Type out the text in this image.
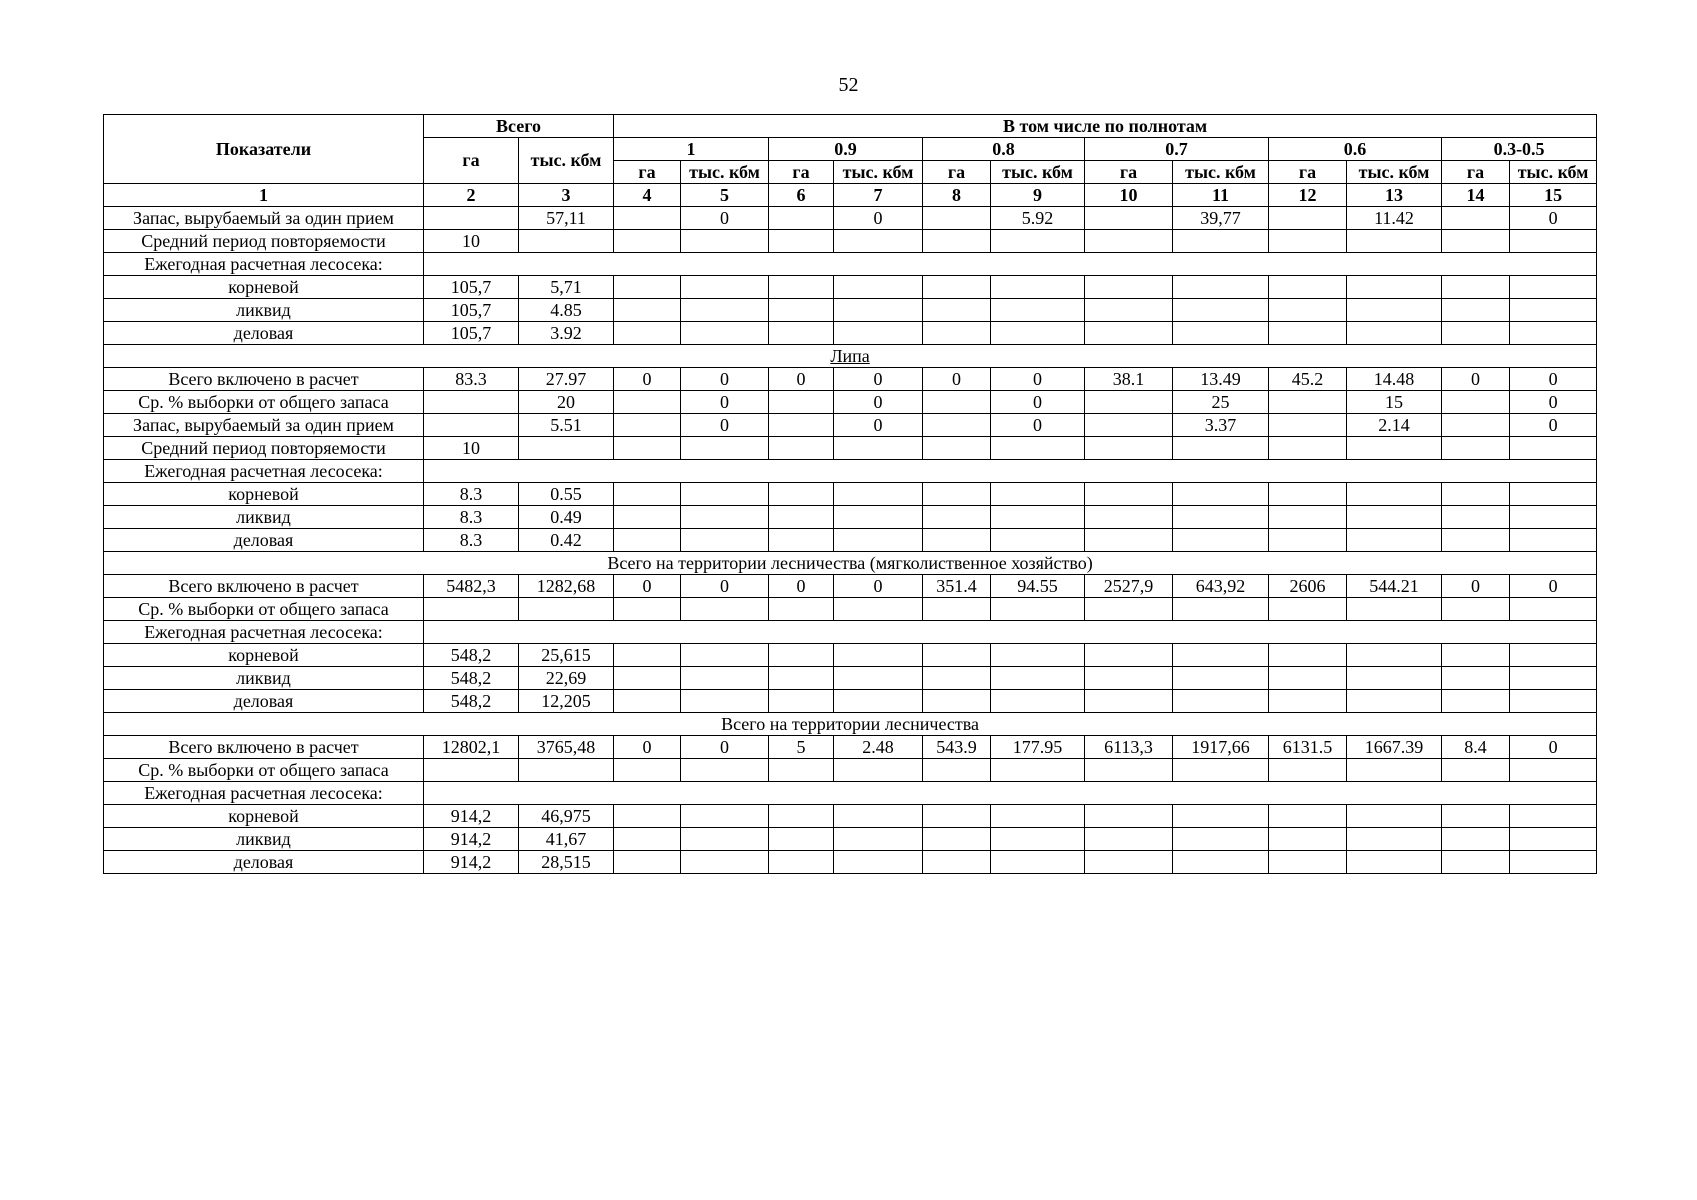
52
Показатели	Всего		В том числе по полнотам											
	га	тыс. кбм	1		0.9		0.8		0.7		0.6		0.3-0.5	
			га	тыс. кбм	га	тыс. кбм	га	тыс. кбм	га	тыс. кбм	га	тыс. кбм	га	тыс. кбм
1	2	3	4	5	6	7	8	9	10	11	12	13	14	15
Запас, вырубаемый за один прием		57,11		0		0		5.92		39,77		11.42		0
Средний период повторяемости	10													
Ежегодная расчетная лесосека:														
корневой	105,7	5,71												
ликвид	105,7	4.85												
деловая	105,7	3.92												
Липа														
Всего включено в расчет	83.3	27.97	0	0	0	0	0	0	38.1	13.49	45.2	14.48	0	0
Ср. % выборки от общего запаса		20		0		0		0		25		15		0
Запас, вырубаемый за один прием		5.51		0		0		0		3.37		2.14		0
Средний период повторяемости	10													
Ежегодная расчетная лесосека:														
корневой	8.3	0.55												
ликвид	8.3	0.49												
деловая	8.3	0.42												
Всего на территории лесничества (мягколиственное хозяйство)														
Всего включено в расчет	5482,3	1282,68	0	0	0	0	351.4	94.55	2527,9	643,92	2606	544.21	0	0
Ср. % выборки от общего запаса														
Ежегодная расчетная лесосека:														
корневой	548,2	25,615												
ликвид	548,2	22,69												
деловая	548,2	12,205												
Всего на территории лесничества														
Всего включено в расчет	12802,1	3765,48	0	0	5	2.48	543.9	177.95	6113,3	1917,66	6131.5	1667.39	8.4	0
Ср. % выборки от общего запаса														
Ежегодная расчетная лесосека:														
корневой	914,2	46,975												
ликвид	914,2	41,67												
деловая	914,2	28,515												
